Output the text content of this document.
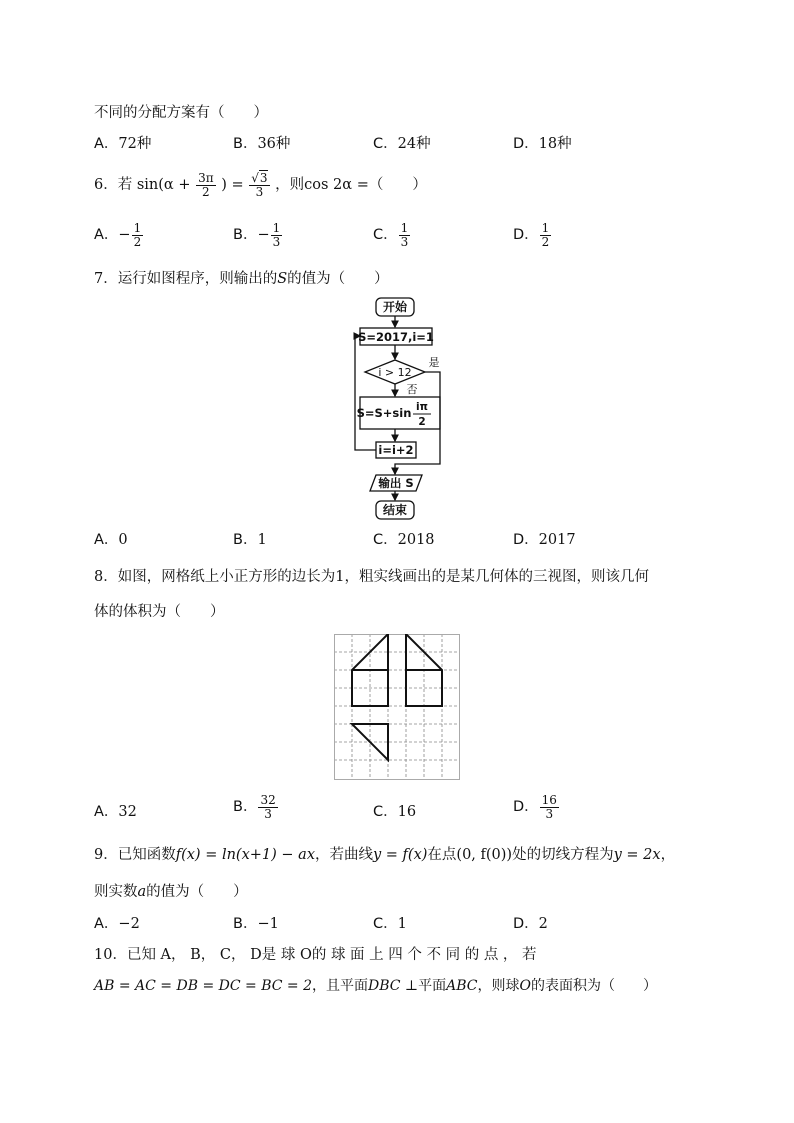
不同的分配方案有（　　）
A．72种	B．36种	C．24种	D．18种
6．若 $\sin(\alpha + \frac{3\pi}{2}$ ) = $\frac{√3}{3}$ ，则cos 2α =（　　）
A．− $\frac{1}{2}$	B．− $\frac{1}{3}$	C． $\frac{1}{3}$	D． $\frac{1}{2}$
7．运行如图程序，则输出的S的值为（　　）
开始
S=2017,i=1
i > 12
是
否
S=S+sin iπ
2
i=i+2
输出 S
结束
A．0	B．1	C．2018	D．2017
8．如图，网格纸上小正方形的边长为1，粗实线画出的是某几何体的三视图，则该几何
体的体积为（　　）
A．32	B． $\frac{32}{3}$	C．16	D． $\frac{16}{3}$
9．已知函数f(x) = ln(x+1) − ax，若曲线y = f(x)在点(0, f(0))处的切线方程为y = 2x，
则实数a的值为（　　）
A．−2	B．−1	C．1	D．2
10．已知 A， B， C， D是 球 O的 球 面 上 四 个 不 同 的 点 ， 若
AB = AC = DB = DC = BC = 2，且平面DBC ⊥平面ABC，则球O的表面积为（　　）
